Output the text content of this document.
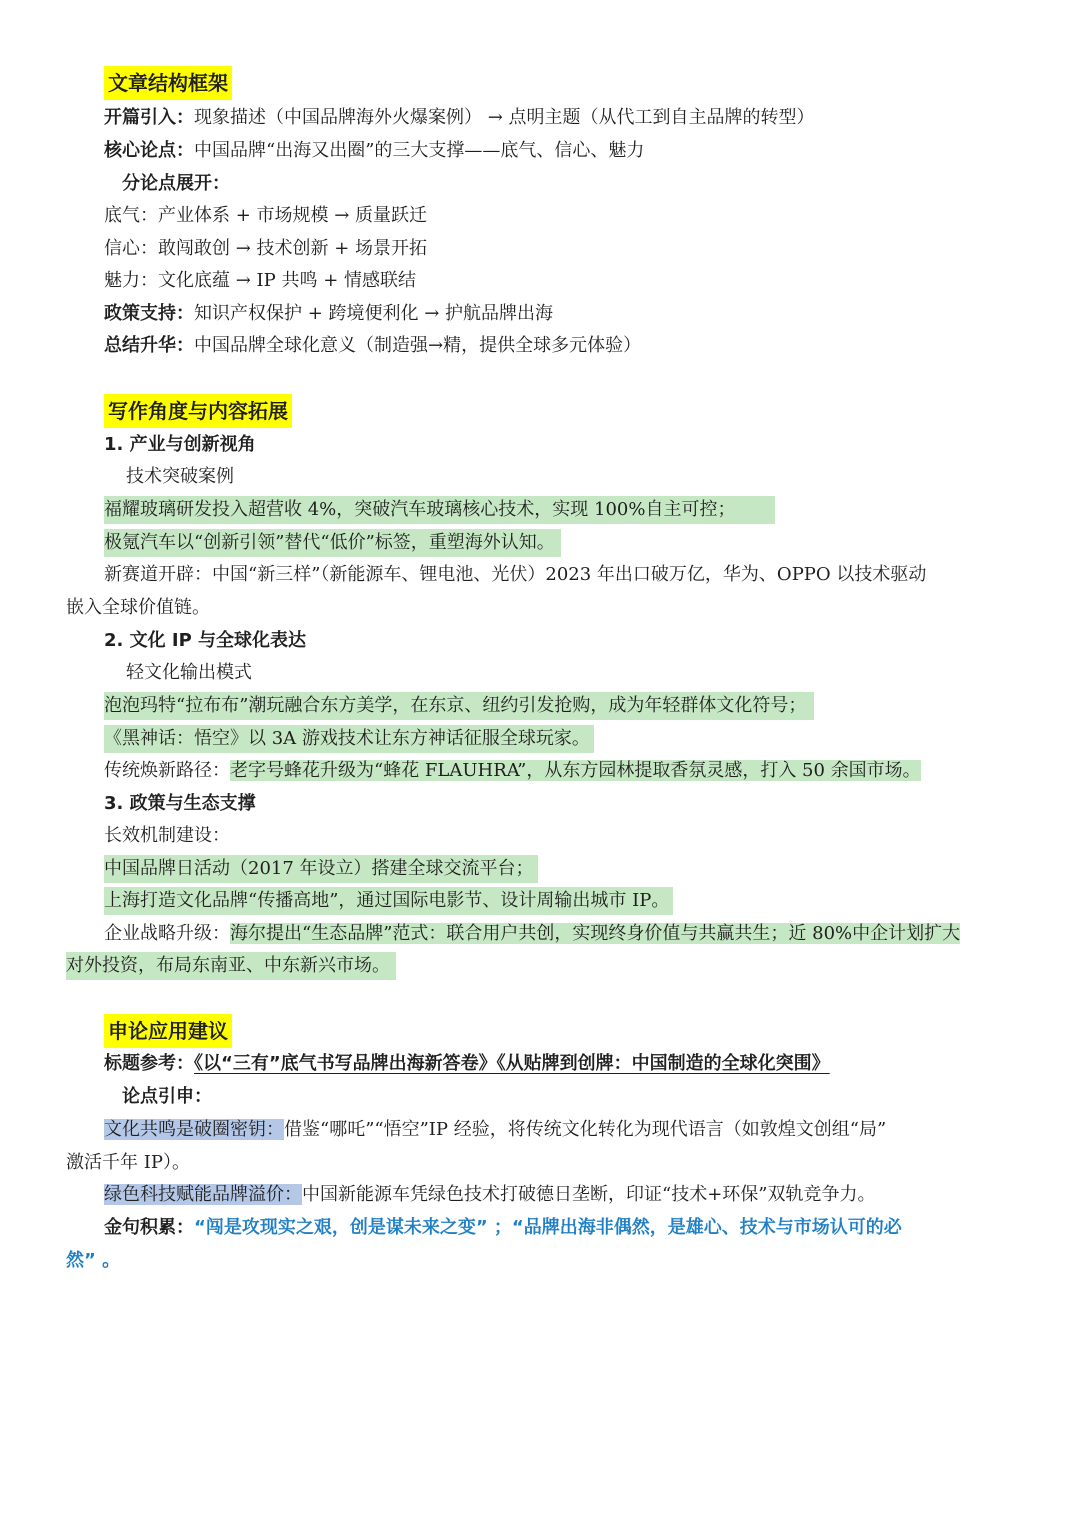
文章结构框架
开篇引入：现象描述（中国品牌海外火爆案例） → 点明主题（从代工到自主品牌的转型）
核心论点：中国品牌“出海又出圈”的三大支撑——底气、信心、魅力
分论点展开：
底气：产业体系 + 市场规模 → 质量跃迁
信心：敢闯敢创 → 技术创新 + 场景开拓
魅力：文化底蕴 → IP 共鸣 + 情感联结
政策支持：知识产权保护 + 跨境便利化 → 护航品牌出海
总结升华：中国品牌全球化意义（制造强→精，提供全球多元体验）
写作角度与内容拓展
1. 产业与创新视角
技术突破案例
福耀玻璃研发投入超营收 4%，突破汽车玻璃核心技术，实现 100%自主可控；
极氪汽车以“创新引领”替代“低价”标签，重塑海外认知。
新赛道开辟：中国“新三样”（新能源车、锂电池、光伏）2023 年出口破万亿，华为、OPPO 以技术驱动
嵌入全球价值链。
2. 文化 IP 与全球化表达
轻文化输出模式
泡泡玛特“拉布布”潮玩融合东方美学，在东京、纽约引发抢购，成为年轻群体文化符号；
《黑神话：悟空》以 3A 游戏技术让东方神话征服全球玩家。
传统焕新路径：老字号蜂花升级为“蜂花 FLAUHRA”，从东方园林提取香氛灵感，打入 50 余国市场。
3. 政策与生态支撑
长效机制建设：
中国品牌日活动（2017 年设立）搭建全球交流平台；
上海打造文化品牌“传播高地”，通过国际电影节、设计周输出城市 IP。
企业战略升级：海尔提出“生态品牌”范式：联合用户共创，实现终身价值与共赢共生；近 80%中企计划扩大
对外投资，布局东南亚、中东新兴市场。
申论应用建议
标题参考：《以“三有”底气书写品牌出海新答卷》《从贴牌到创牌：中国制造的全球化突围》
论点引申：
文化共鸣是破圈密钥：借鉴“哪吒”“悟空”IP 经验，将传统文化转化为现代语言（如敦煌文创组“局”
激活千年 IP）。
绿色科技赋能品牌溢价：中国新能源车凭绿色技术打破德日垄断，印证“技术+环保”双轨竞争力。
金句积累：“闯是攻现实之艰，创是谋未来之变” ；“品牌出海非偶然，是雄心、技术与市场认可的必
然” 。
